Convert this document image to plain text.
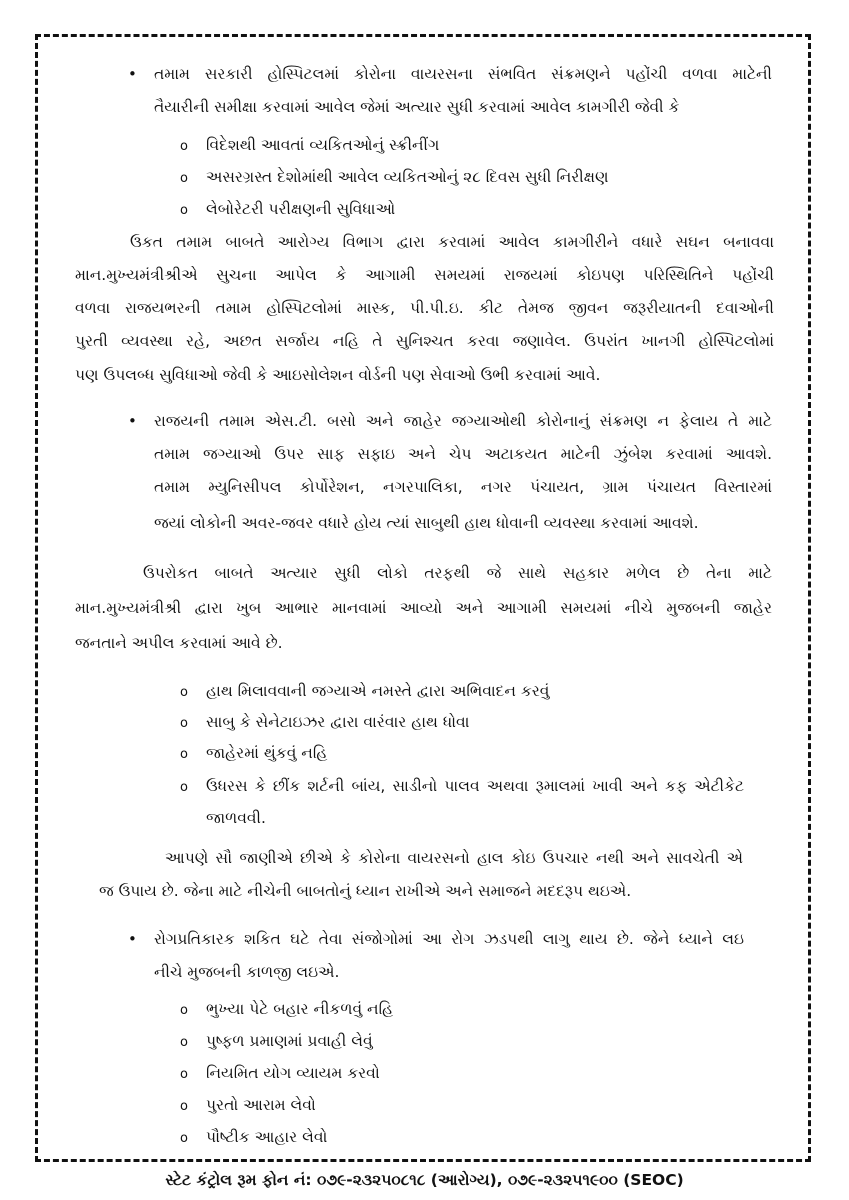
• તમામ સરકારી હોસ્પિટલમાં કોરોના વાયરસના સંભવિત સંક્રમણને પહોંચી વળવા માટેની
તૈયારીની સમીક્ષા કરવામાં આવેલ જેમાં અત્યાર સુધી કરવામાં આવેલ કામગીરી જેવી કે
o વિદેશથી આવતાં વ્યકિતઓનું સ્ક્રીનીંગ
o અસરગ્રસ્ત દેશોમાંથી આવેલ વ્યકિતઓનું ૨૮ દિવસ સુધી નિરીક્ષણ
o લેબોરેટરી પરીક્ષણની સુવિધાઓ
ઉકત તમામ બાબતે આરોગ્ય વિભાગ દ્વારા કરવામાં આવેલ કામગીરીને વધારે સઘન બનાવવા
માન.મુખ્યમંત્રીશ્રીએ સુચના આપેલ કે આગામી સમયમાં રાજયમાં કોઇપણ પરિસ્થિતિને પહોંચી
વળવા રાજયભરની તમામ હોસ્પિટલોમાં માસ્ક, પી.પી.ઇ. કીટ તેમજ જીવન જરૂરીયાતની દવાઓની
પુરતી વ્યવસ્થા રહે, અછત સર્જાય નહિ તે સુનિશ્ચત કરવા જણાવેલ. ઉપરાંત ખાનગી હોસ્પિટલોમાં
પણ ઉપલબ્ધ સુવિધાઓ જેવી કે આઇસોલેશન વોર્ડની પણ સેવાઓ ઉભી કરવામાં આવે.
• રાજયની તમામ એસ.ટી. બસો અને જાહેર જગ્યાઓથી કોરોનાનું સંક્રમણ ન ફેલાય તે માટે
તમામ જગ્યાઓ ઉપર સાફ સફાઇ અને ચેપ અટાકયત માટેની ઝુંબેશ કરવામાં આવશે.
તમામ મ્યુનિસીપલ કોર્પોરેશન, નગરપાલિકા, નગર પંચાયત, ગ્રામ પંચાયત વિસ્તારમાં
જયાં લોકોની અવર-જવર વધારે હોય ત્યાં સાબુથી હાથ ધોવાની વ્યવસ્થા કરવામાં આવશે.
ઉપરોકત બાબતે અત્યાર સુધી લોકો તરફથી જે સાથે સહકાર મળેલ છે તેના માટે
માન.મુખ્યમંત્રીશ્રી દ્વારા ખુબ આભાર માનવામાં આવ્યો અને આગામી સમયમાં નીચે મુજબની જાહેર
જનતાને અપીલ કરવામાં આવે છે.
o હાથ મિલાવવાની જગ્યાએ નમસ્તે દ્વારા અભિવાદન કરવું
o સાબુ કે સેનેટાઇઝર દ્વારા વારંવાર હાથ ધોવા
o જાહેરમાં થુંકવું નહિ
o ઉધરસ કે છીંક શર્ટની બાંય, સાડીનો પાલવ અથવા રૂમાલમાં ખાવી અને કફ એટીકેટ
જાળવવી.
આપણે સૌ જાણીએ છીએ કે કોરોના વાયરસનો હાલ કોઇ ઉપચાર નથી અને સાવચેતી એ
જ ઉપાય છે. જેના માટે નીચેની બાબતોનું ધ્યાન રાખીએ અને સમાજને મદદરૂપ થઇએ.
• રોગપ્રતિકારક શકિત ઘટે તેવા સંજોગોમાં આ રોગ ઝડપથી લાગુ થાય છે. જેને ધ્યાને લઇ
નીચે મુજબની કાળજી લઇએ.
o ભુખ્યા પેટે બહાર નીકળવું નહિ
o પુષ્ફળ પ્રમાણમાં પ્રવાહી લેવું
o નિયમિત યોગ વ્યાયમ કરવો
o પુરતો આરામ લેવો
o પૌષ્ટીક આહાર લેવો
સ્ટેટ કંટ્રોલ રૂમ ફોન નં: ૦૭૯-૨૩૨૫૦૮૧૮ (આરોગ્ય), ૦૭૯-૨૩૨૫૧૯૦૦ (SEOC)
